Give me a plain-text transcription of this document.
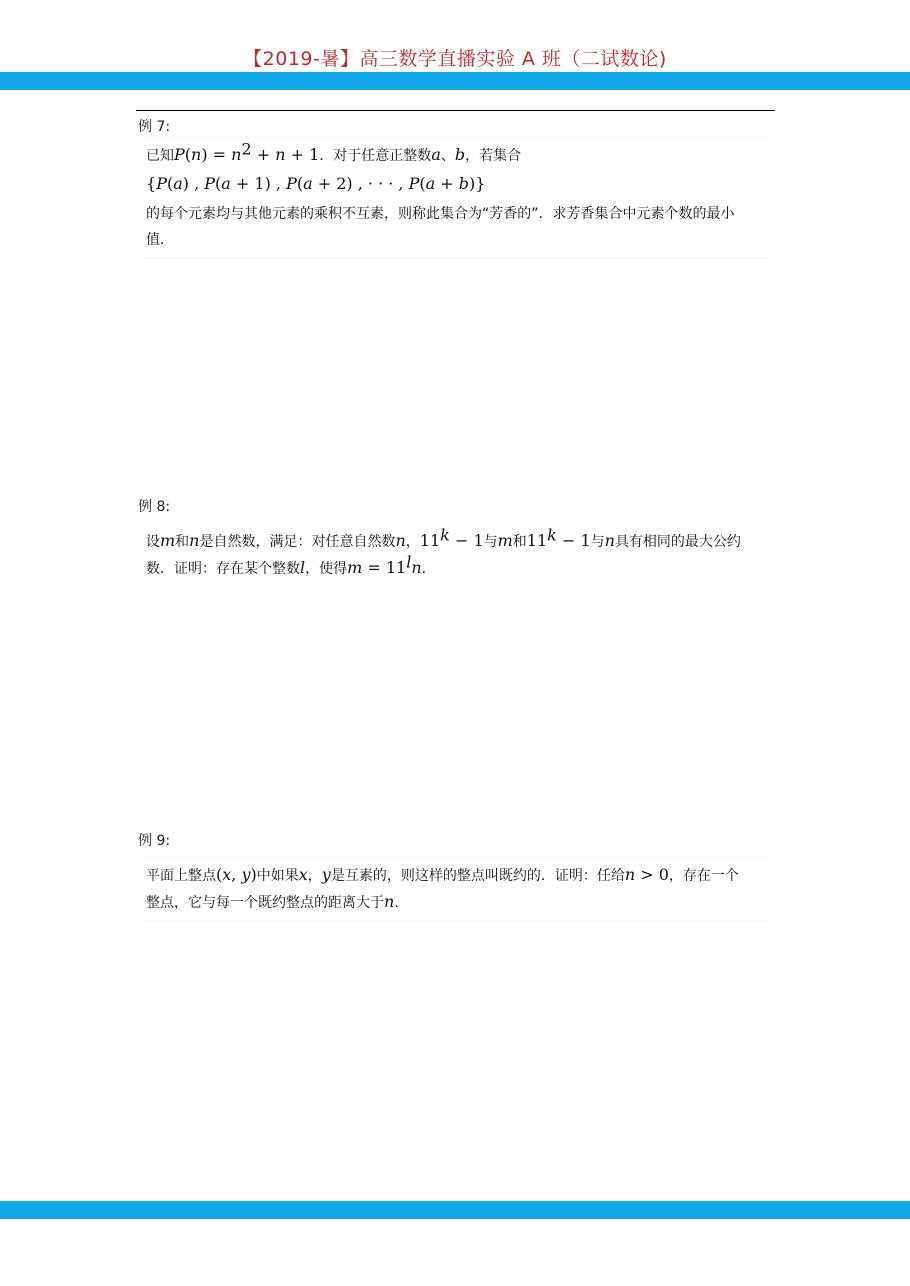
【2019-暑】高三数学直播实验 A 班（二试数论)
例 7:
已知$P(n) = n^2 + n + 1$．对于任意正整数a、b，若集合
{P(a) , P(a + 1) , P(a + 2) , · · · , P(a + b)}
的每个元素均与其他元素的乘积不互素，则称此集合为“芳香的”．求芳香集合中元素个数的最小
值．
例 8:
设m和n是自然数，满足：对任意自然数n，$11^k - 1$与m和$11^k - 1$与n具有相同的最大公约
数．证明：存在某个整数l，使得$m = 11^ln$．
例 9:
平面上整点(x, y)中如果x，y是互素的，则这样的整点叫既约的．证明：任给n > 0，存在一个
整点，它与每一个既约整点的距离大于n．
